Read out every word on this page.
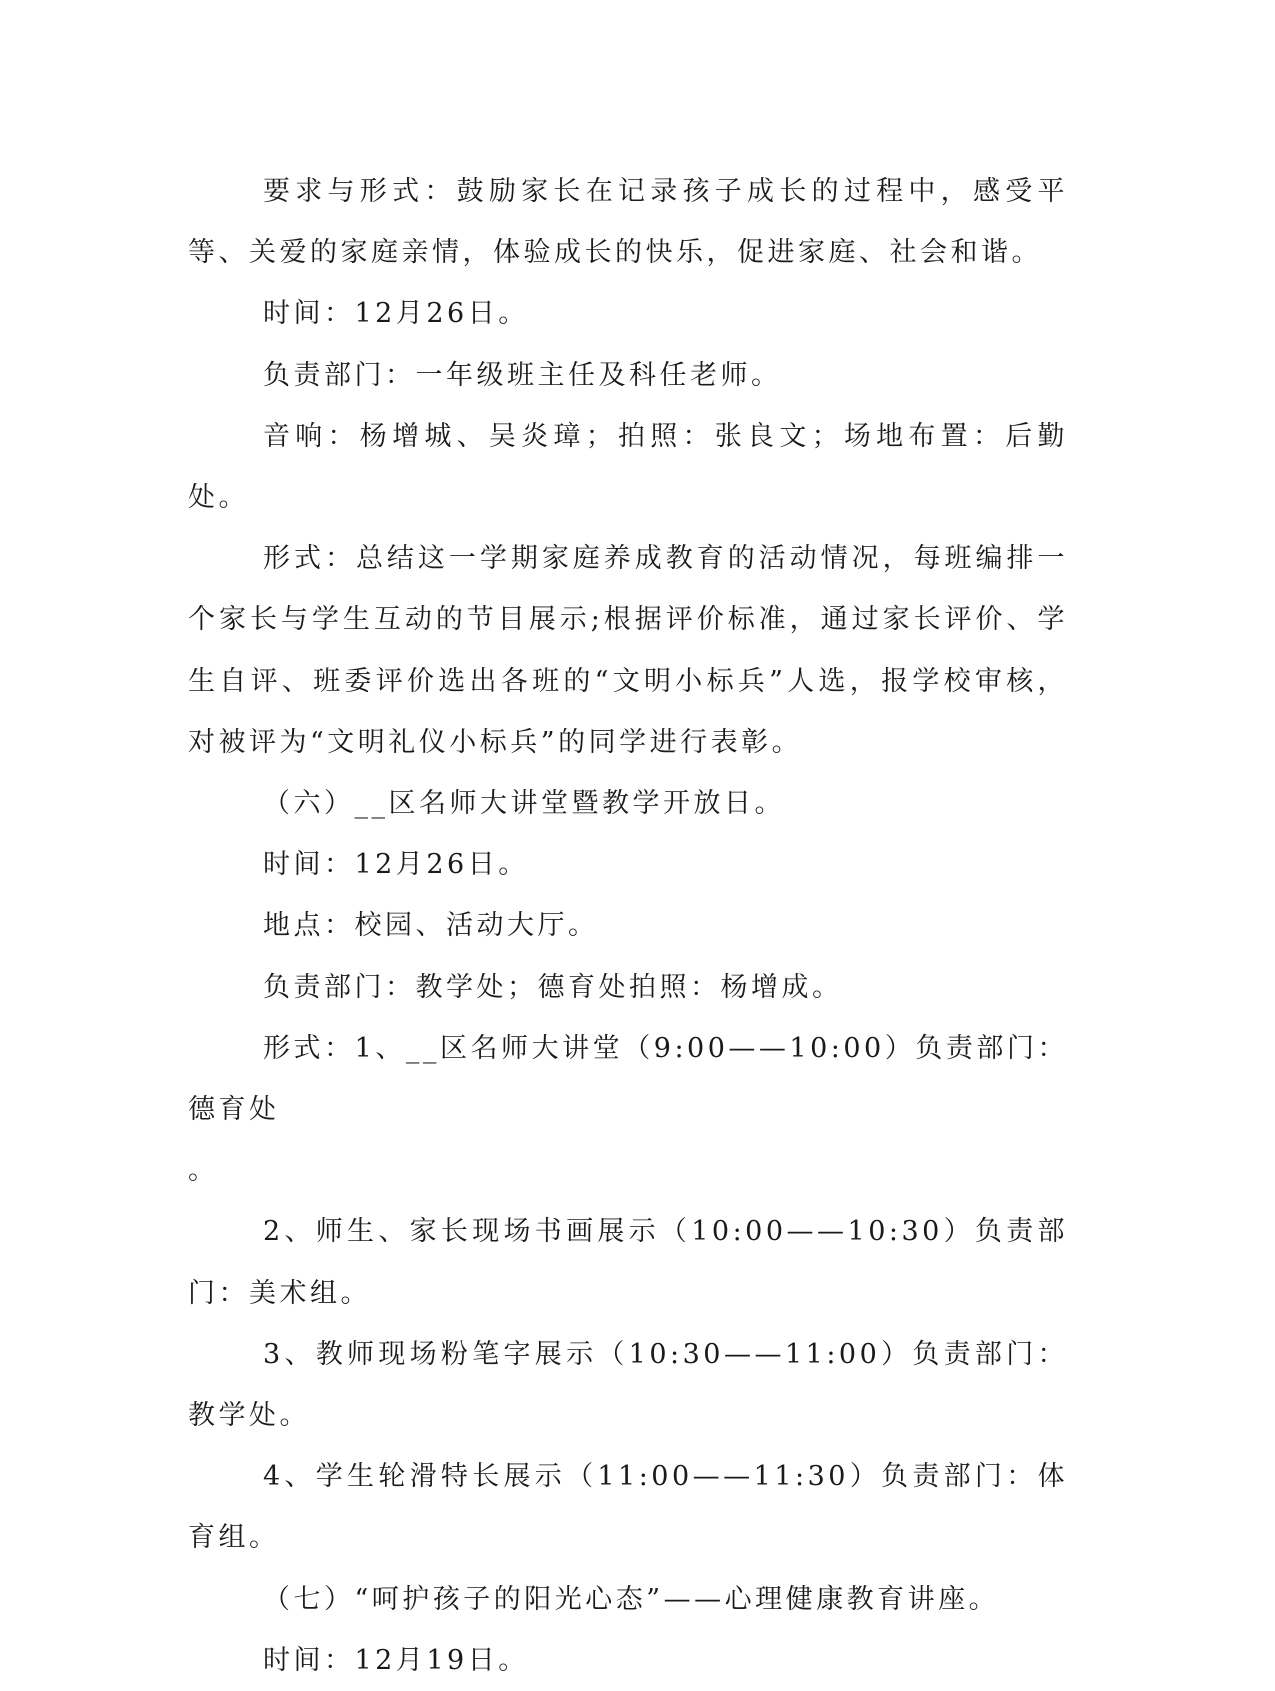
要求与形式：鼓励家长在记录孩子成长的过程中，感受平等、关爱的家庭亲情，体验成长的快乐，促进家庭、社会和谐。

时间：12月26日。

负责部门：一年级班主任及科任老师。

音响：杨增城、吴炎璋；拍照：张良文；场地布置：后勤处。

形式：总结这一学期家庭养成教育的活动情况，每班编排一个家长与学生互动的节目展示;根据评价标准，通过家长评价、学生自评、班委评价选出各班的“文明小标兵”人选，报学校审核，对被评为“文明礼仪小标兵”的同学进行表彰。

（六）__区名师大讲堂暨教学开放日。

时间：12月26日。

地点：校园、活动大厅。

负责部门：教学处；德育处拍照：杨增成。

形式：1、__区名师大讲堂（9:00——10:00）负责部门：德育处

。

2、师生、家长现场书画展示（10:00——10:30）负责部门：美术组。

3、教师现场粉笔字展示（10:30——11:00）负责部门：教学处。

4、学生轮滑特长展示（11:00——11:30）负责部门：体育组。

（七）“呵护孩子的阳光心态”——心理健康教育讲座。

时间：12月19日。
